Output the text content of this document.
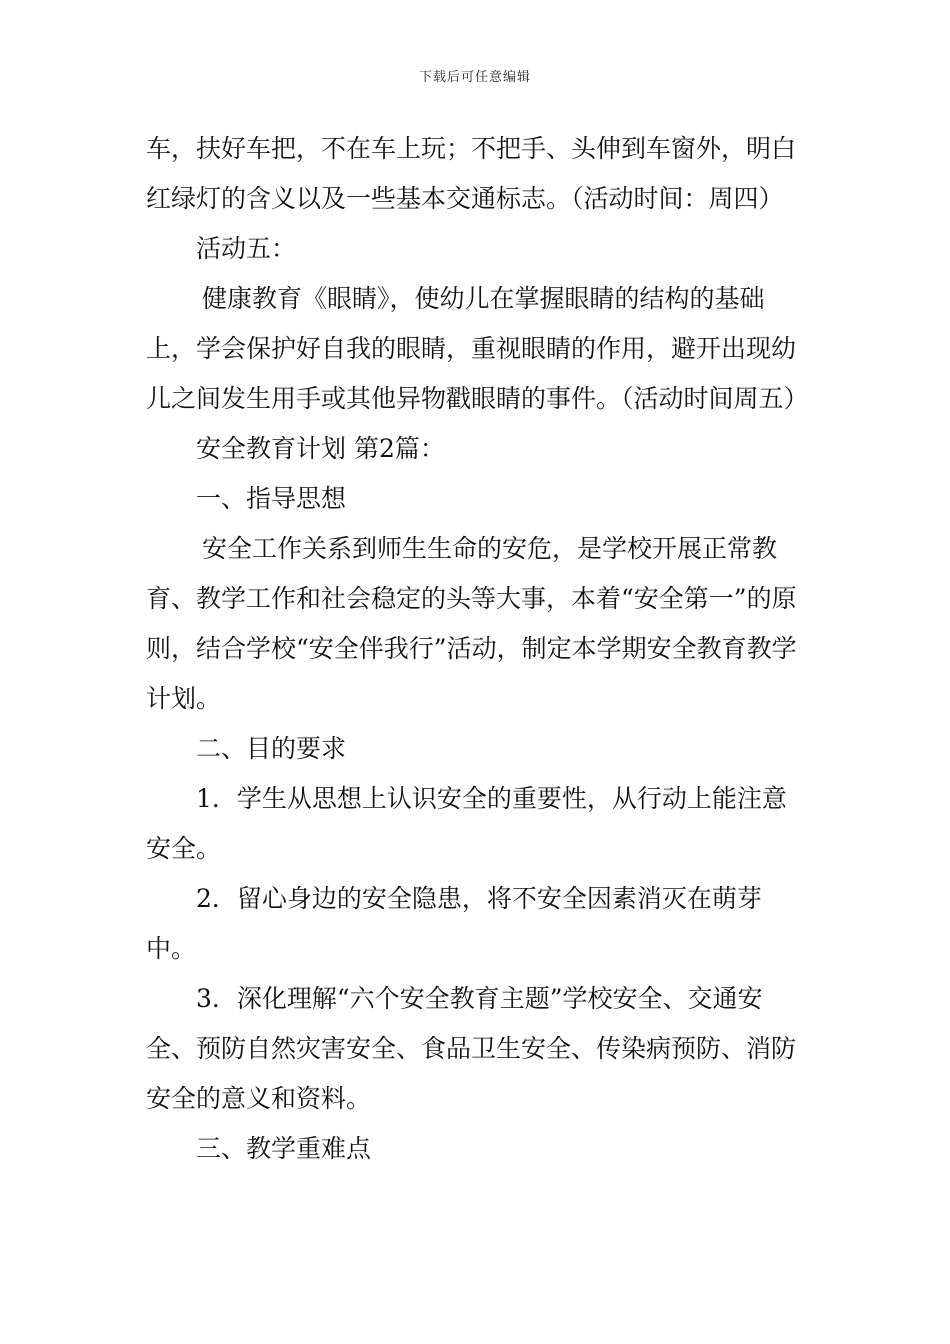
下载后可任意编辑

车，扶好车把，不在车上玩；不把手、头伸到车窗外，明白红绿灯的含义以及一些基本交通标志。（活动时间：周四）

活动五：

健康教育《眼睛》，使幼儿在掌握眼睛的结构的基础上，学会保护好自我的眼睛，重视眼睛的作用，避开出现幼儿之间发生用手或其他异物戳眼睛的事件。（活动时间周五）

安全教育计划 第2篇：

一、指导思想

安全工作关系到师生生命的安危，是学校开展正常教育、教学工作和社会稳定的头等大事，本着“安全第一”的原则，结合学校“安全伴我行”活动，制定本学期安全教育教学计划。

二、目的要求

1．学生从思想上认识安全的重要性，从行动上能注意安全。

2．留心身边的安全隐患，将不安全因素消灭在萌芽中。

3．深化理解“六个安全教育主题”学校安全、交通安全、预防自然灾害安全、食品卫生安全、传染病预防、消防安全的意义和资料。

三、教学重难点
